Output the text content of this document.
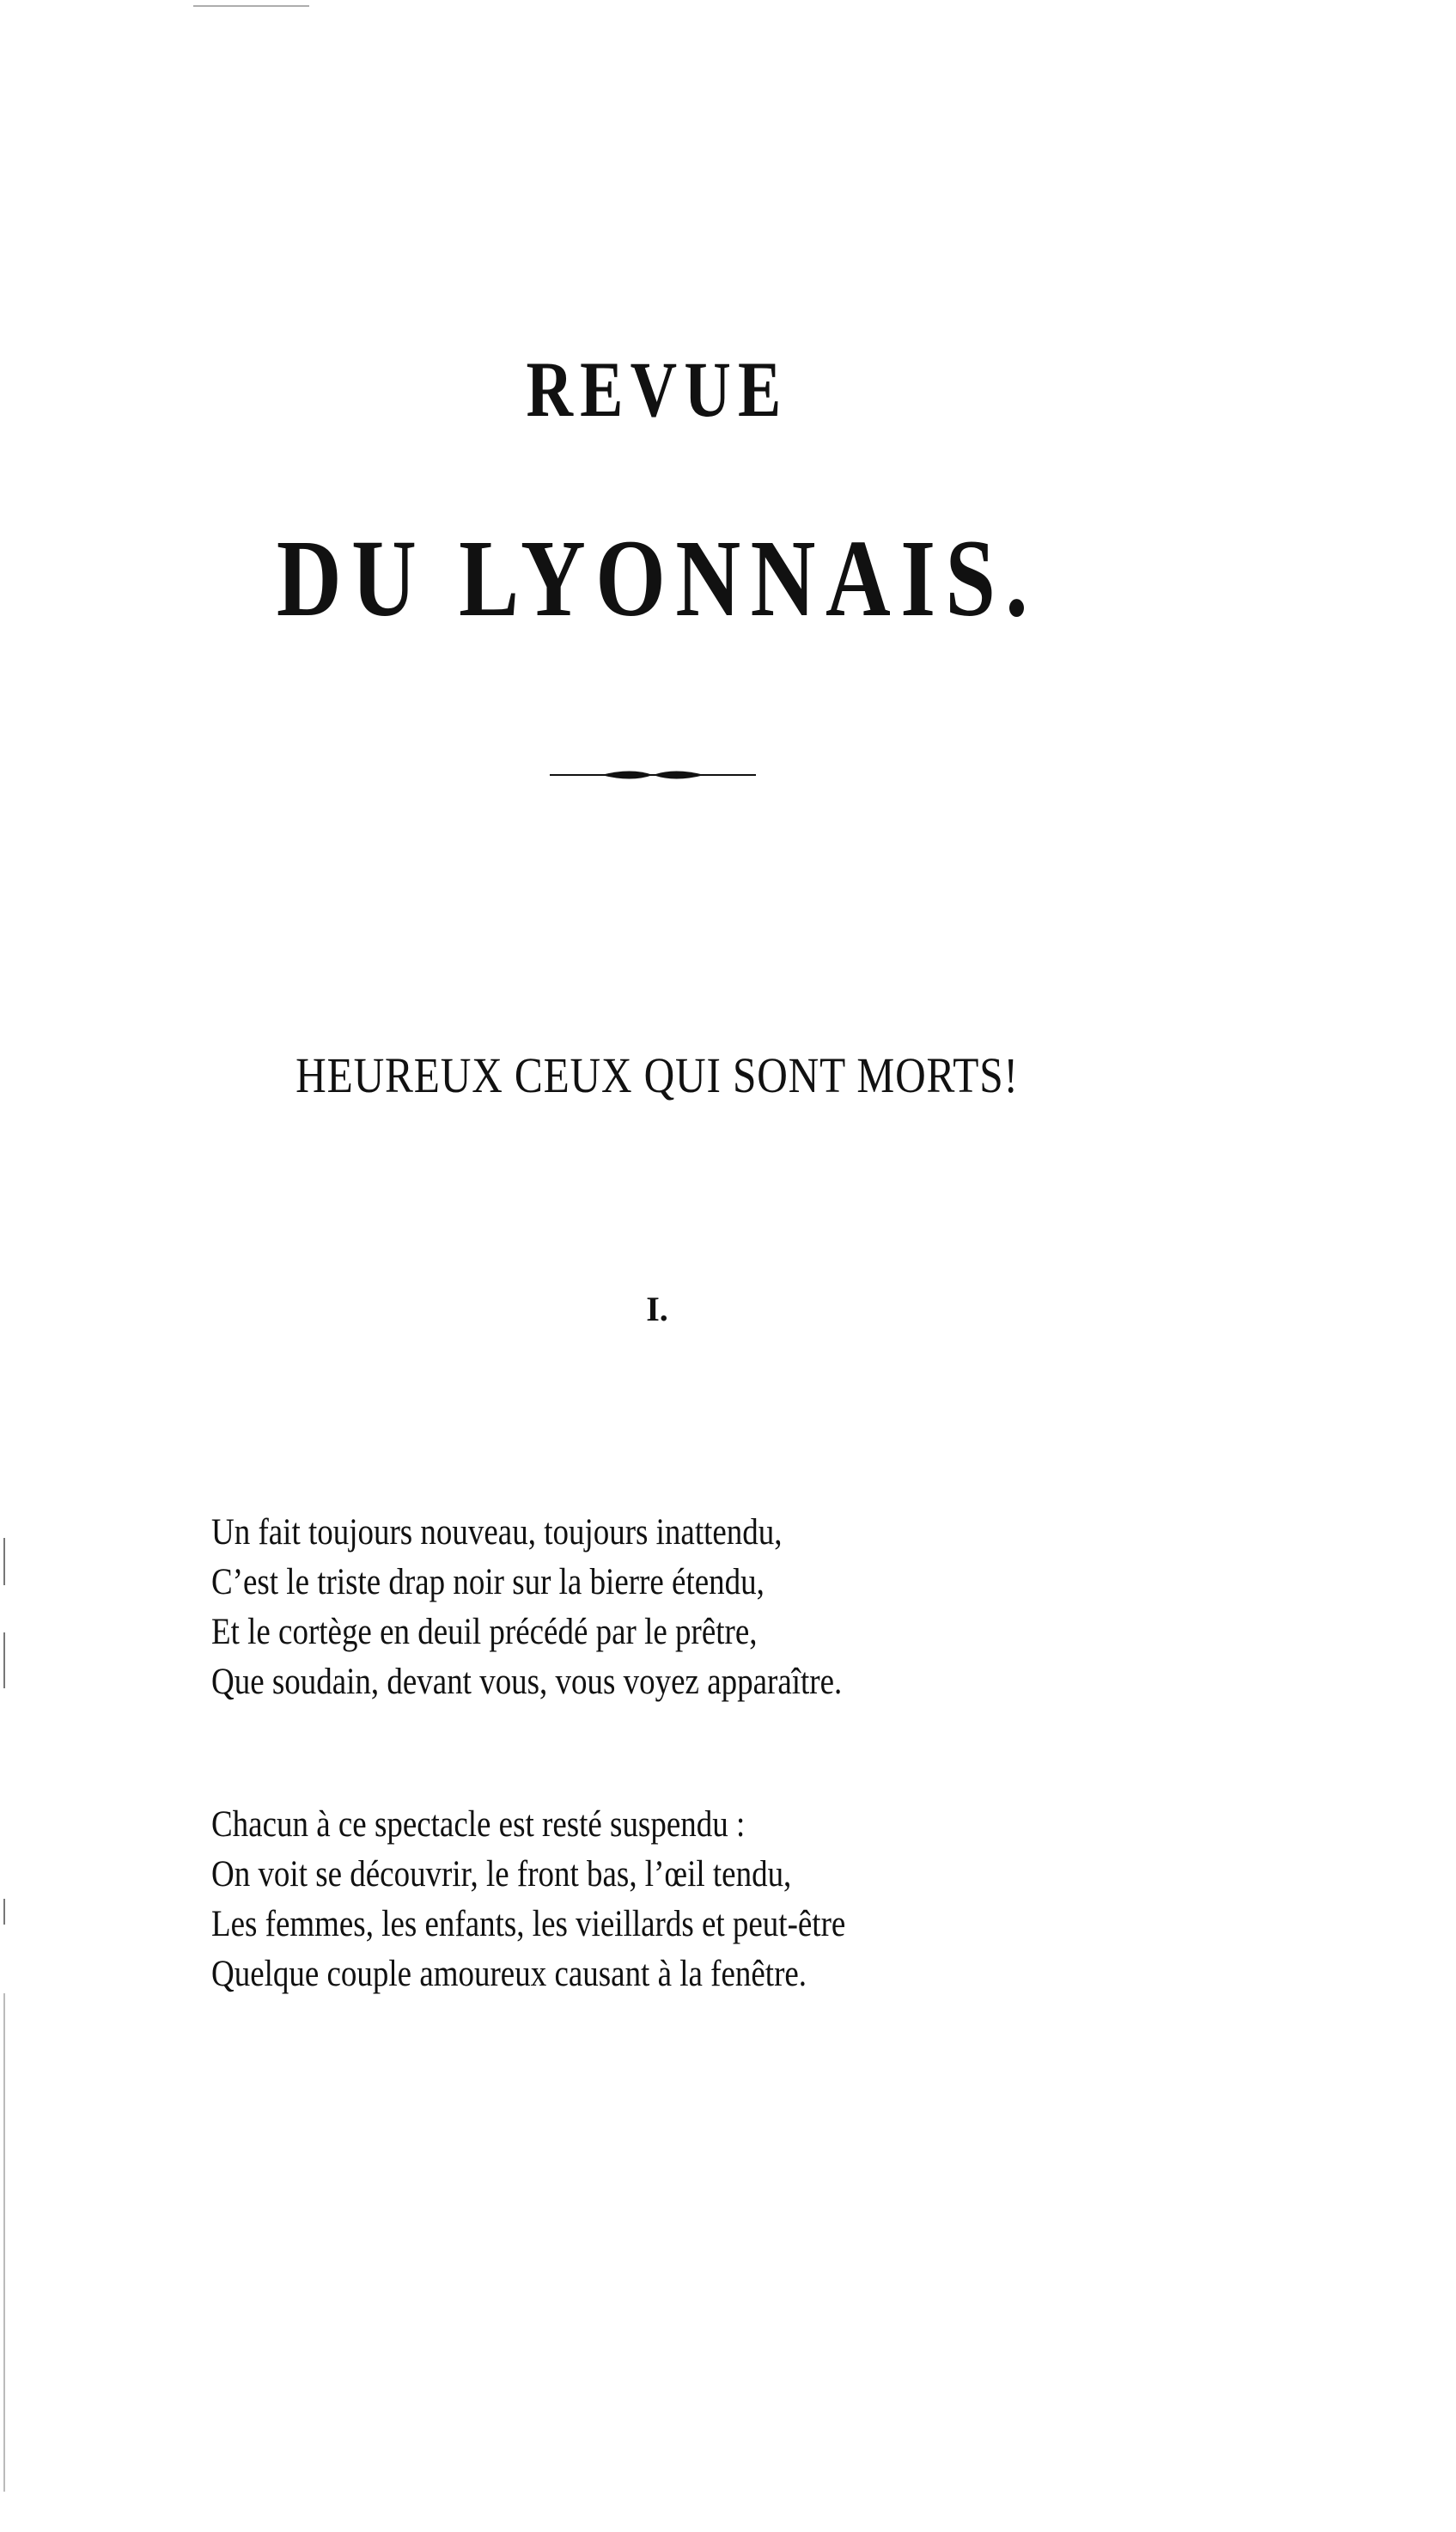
REVUE
DU LYONNAIS.
HEUREUX CEUX QUI SONT MORTS!
I.
Un fait toujours nouveau, toujours inattendu,
C’est le triste drap noir sur la bierre étendu,
Et le cortège en deuil précédé par le prêtre,
Que soudain, devant vous, vous voyez apparaître.
Chacun à ce spectacle est resté suspendu :
On voit se découvrir, le front bas, l’œil tendu,
Les femmes, les enfants, les vieillards et peut-être
Quelque couple amoureux causant à la fenêtre.
